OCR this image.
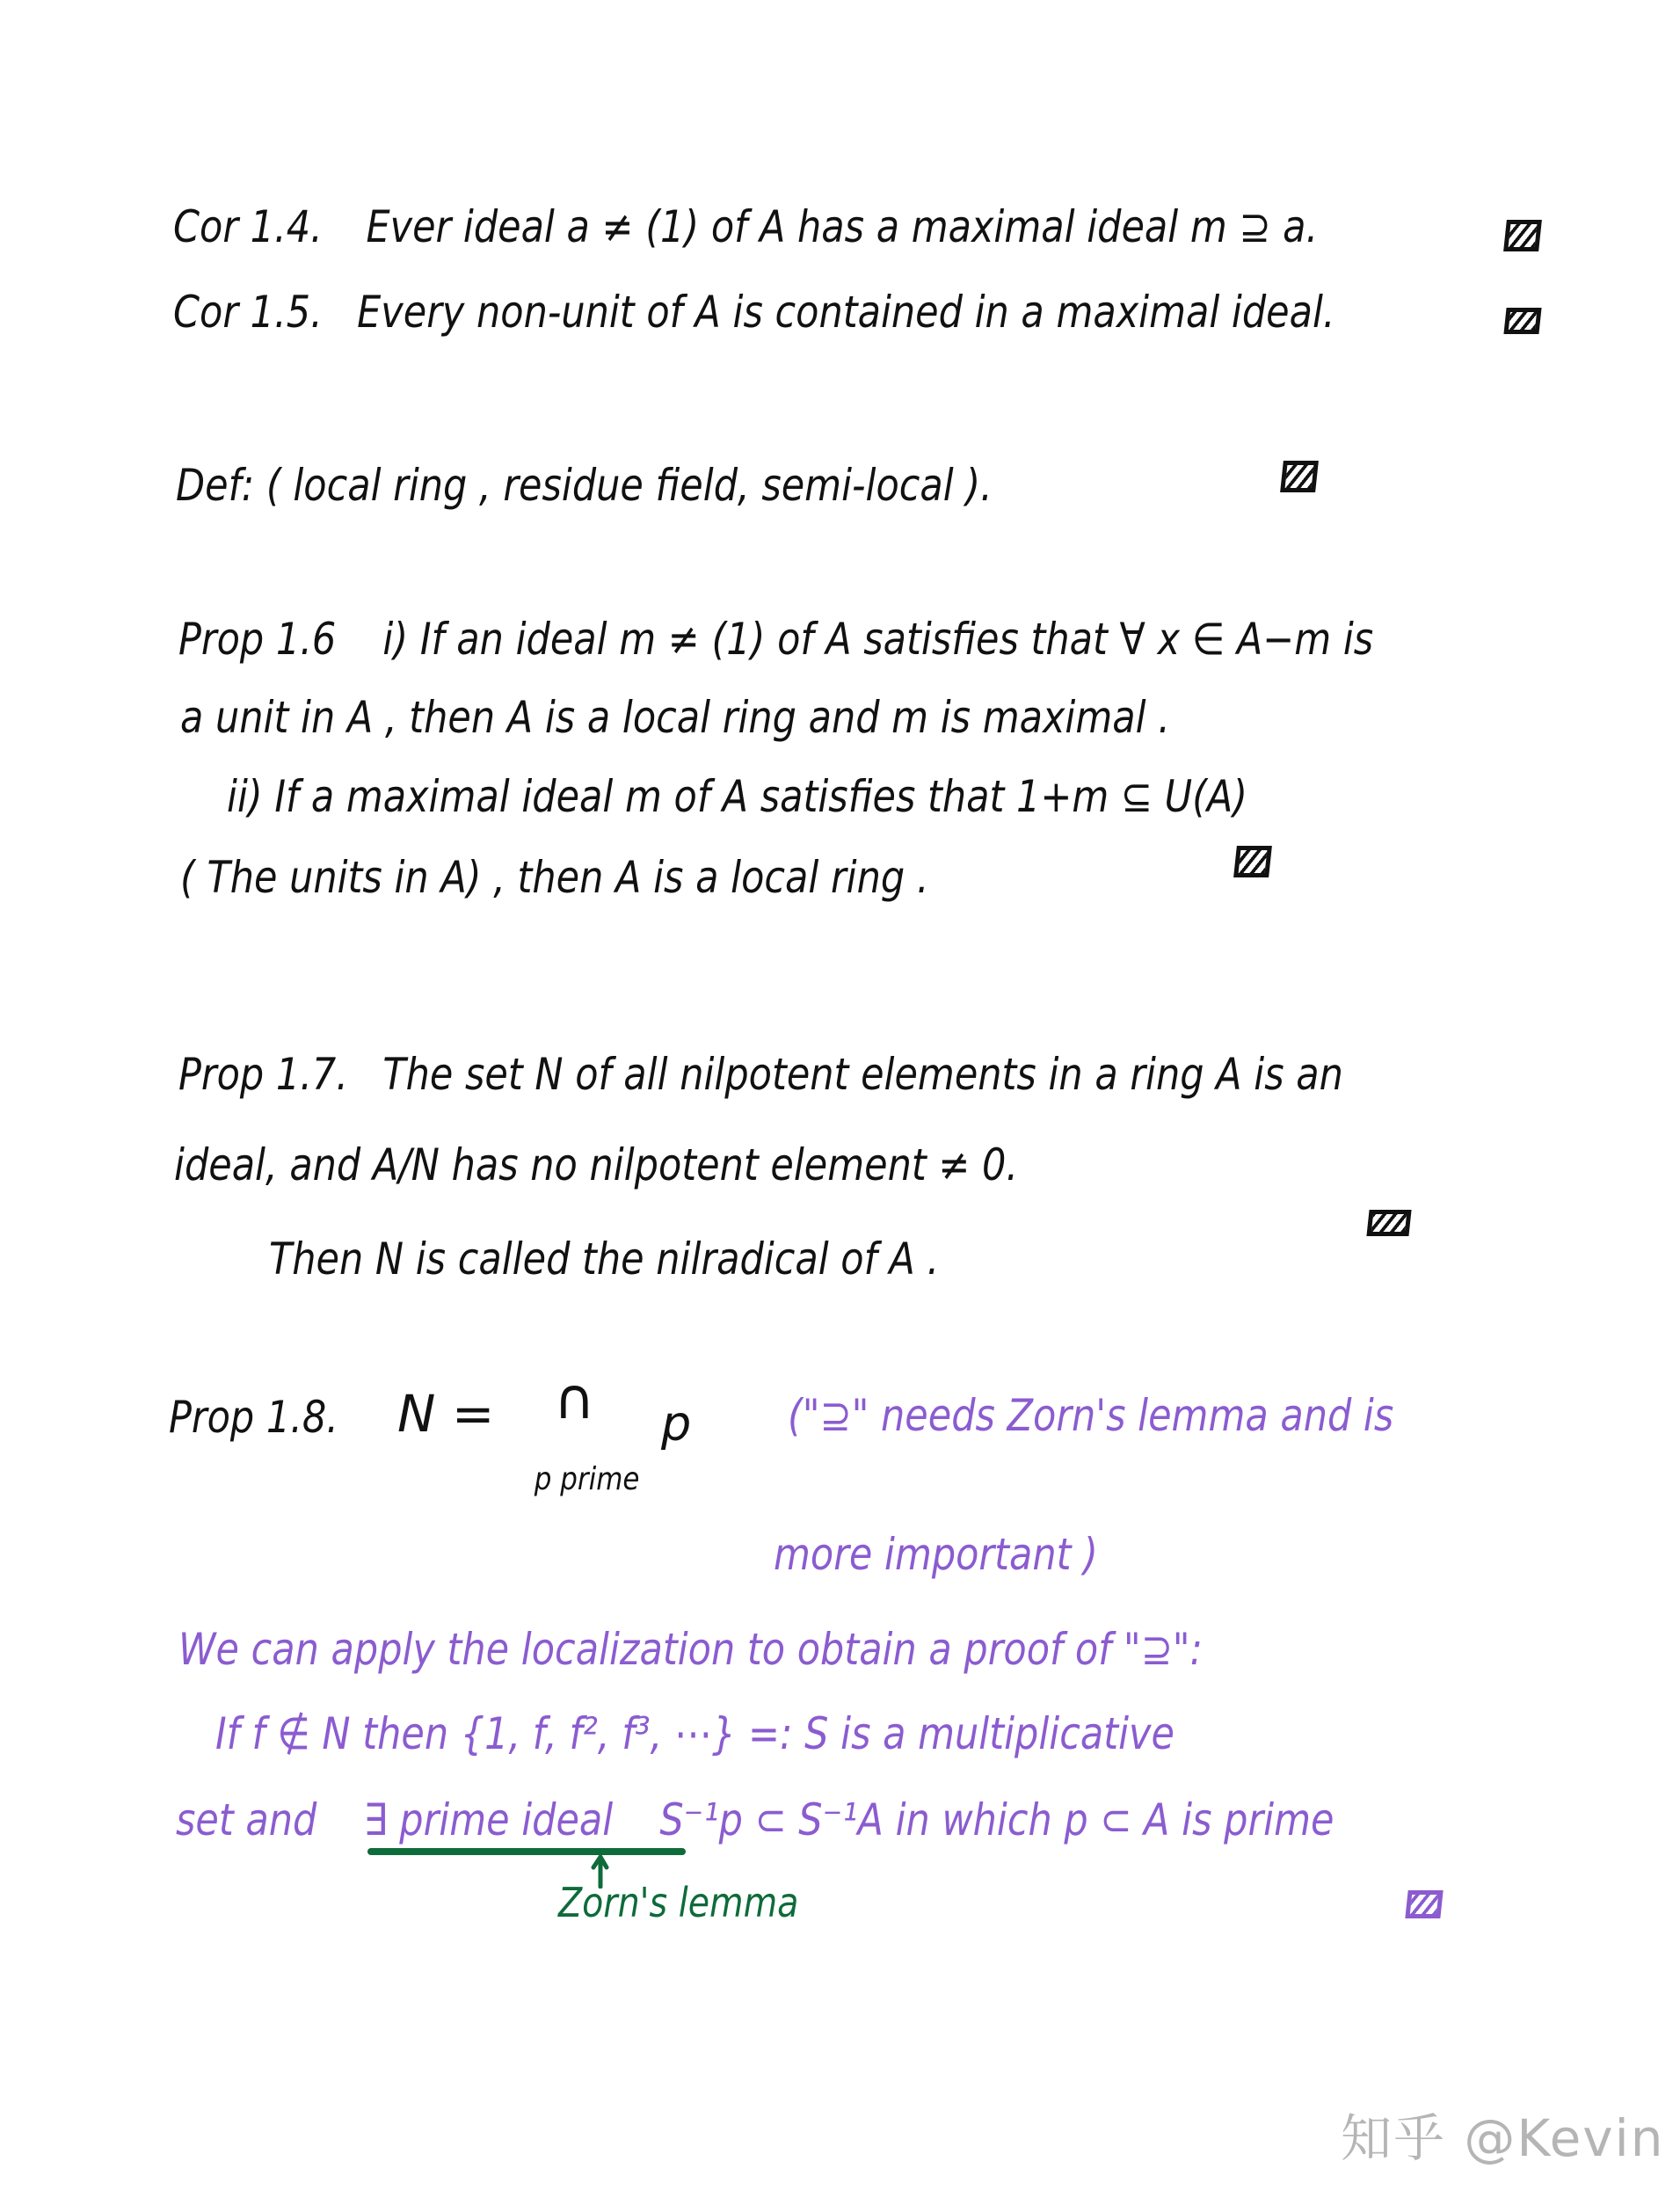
Cor 1.4. Ever ideal a ≠ (1) of A has a maximal ideal m ⊇ a.
Cor 1.5. Every non-unit of A is contained in a maximal ideal.
Def: ( local ring , residue field, semi-local ).
Prop 1.6 i) If an ideal m ≠ (1) of A satisfies that ∀ x ∈ A−m is
a unit in A , then A is a local ring and m is maximal .
ii) If a maximal ideal m of A satisfies that 1+m ⊆ U(A)
( The units in A) , then A is a local ring .
Prop 1.7. The set N of all nilpotent elements in a ring A is an
ideal, and A/N has no nilpotent element ≠ 0.
Then N is called the nilradical of A .
Prop 1.8. N = ∩
p prime
p ("⊇" needs Zorn's lemma and is
more important )
We can apply the localization to obtain a proof of "⊇":
If f ∉ N then {1, f, f², f³, ⋯} =: S is a multiplicative
set and ∃ prime ideal S⁻¹p ⊂ S⁻¹A in which p ⊂ A is prime
Zorn's lemma
知乎 @Kevin
